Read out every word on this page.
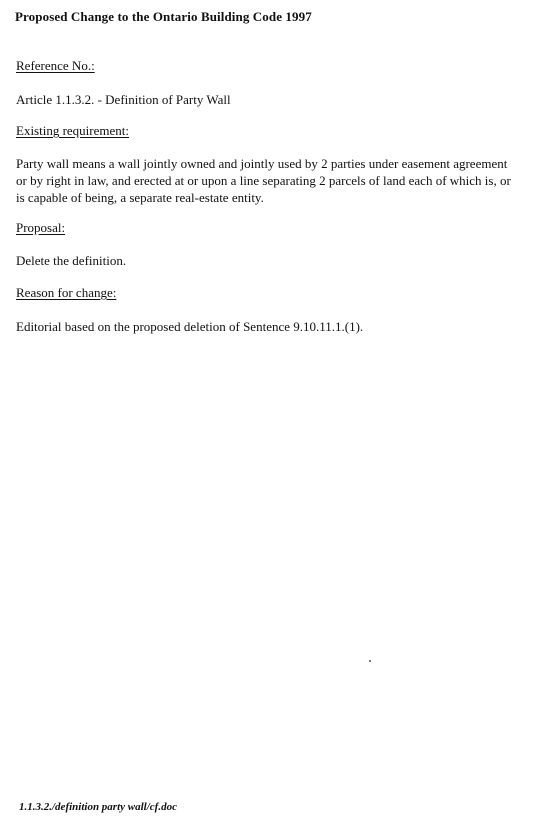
Proposed Change to the Ontario Building Code 1997
Reference No.:
Article 1.1.3.2. - Definition of Party Wall
Existing requirement:
Party wall means a wall jointly owned and jointly used by 2 parties under easement agreement or by right in law, and erected at or upon a line separating 2 parcels of land each of which is, or is capable of being, a separate real-estate entity.
Proposal:
Delete the definition.
Reason for change:
Editorial based on the proposed deletion of Sentence 9.10.11.1.(1).
1.1.3.2./definition party wall/cf.doc
